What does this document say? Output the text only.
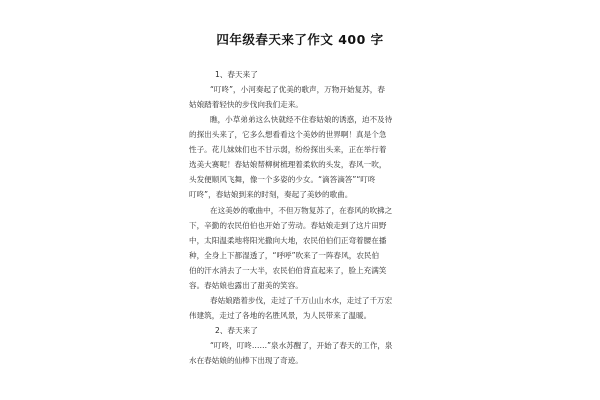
四年级春天来了作文 400 字

1、春天来了

“叮咚”，小河奏起了优美的歌声，万物开始复苏，春

姑娘踏着轻快的步伐向我们走来。

瞧，小草弟弟这么快就经不住春姑娘的诱惑，迫不及待

的探出头来了，它多么想看看这个美妙的世界啊！真是个急

性子。花儿妹妹们也不甘示弱，纷纷探出头来，正在举行着

选美大赛呢！春姑娘帮柳树梳理着柔软的头发，春风一吹，

头发便顺风飞舞，像一个多姿的少女。“滴答滴答”“叮咚

叮咚”，春姑娘到来的时刻，奏起了美妙的歌曲。

在这美妙的歌曲中，不但万物复苏了，在春风的吹拂之

下，辛勤的农民伯伯也开始了劳动。春姑娘走到了这片田野

中，太阳温柔地将阳光撒向大地，农民伯伯们正弯着腰在播

种，全身上下都湿透了，“呼呼”吹来了一阵春风，农民伯

伯的汗水消去了一大半，农民伯伯背直起来了，脸上充满笑

容。春姑娘也露出了甜美的笑容。

春姑娘踏着步伐，走过了千万山山水水，走过了千万宏

伟建筑，走过了各地的名胜风景，为人民带来了温暖。

2、春天来了

“叮咚，叮咚……”泉水苏醒了，开始了春天的工作，泉

水在春姑娘的仙棒下出现了奇迹。
